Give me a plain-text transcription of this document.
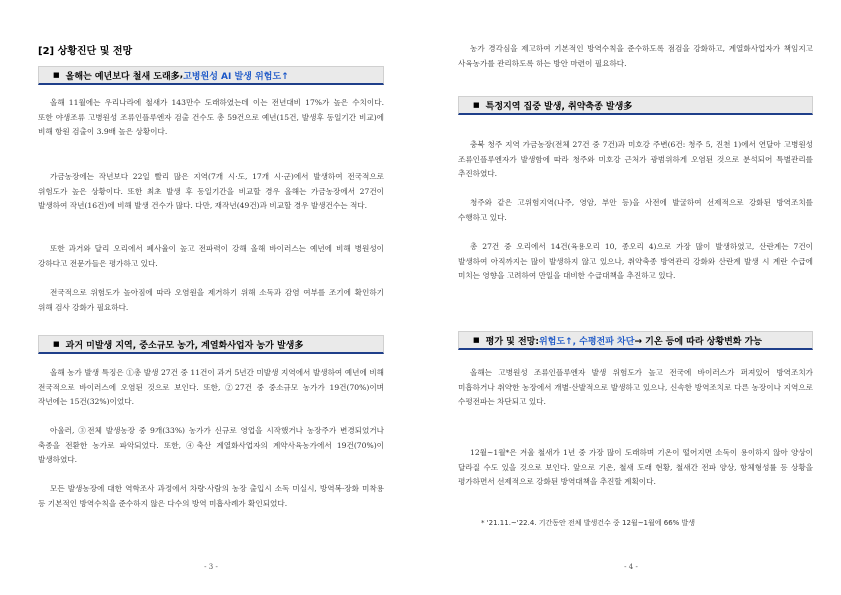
[2] 상황진단 및 전망
■ 올해는 예년보다 철새 도래 多 , 고병원성 AI 발생 위험도↑

올해 11월에는 우리나라에 철새가 143만수 도래하였는데 이는 전년대비 17%가 높은 수치이다. 또한 야생조류 고병원성 조류인플루엔자 검출 건수도 총 59건으로 예년(15건, 발생후 동일기간 비교)에 비해 항원 검출이 3.9배 높은 상황이다.

가금농장에는 작년보다 22일 빨리 많은 지역(7개 시·도, 17개 시·군)에서 발생하여 전국적으로 위험도가 높은 상황이다. 또한 최초 발생 후 동일기간을 비교할 경우 올해는 가금농장에서 27건이 발생하여 작년(16건)에 비해 발생 건수가 많다. 다만, 재작년(49건)과 비교할 경우 발생건수는 적다.

또한 과거와 달리 오리에서 폐사율이 높고 전파력이 강해 올해 바이러스는 예년에 비해 병원성이 강하다고 전문가들은 평가하고 있다.

전국적으로 위험도가 높아짐에 따라 오염원을 제거하기 위해 소독과 감염 여부를 조기에 확인하기 위해 검사 강화가 필요하다.

■ 과거 미발생 지역, 중소규모 농가, 계열화사업자 농가 발생 多

올해 농가 발생 특징은 ①총 발생 27건 중 11건이 과거 5년간 미발생 지역에서 발생하여 예년에 비해 전국적으로 바이러스에 오염된 것으로 보인다. 또한, ②27건 중 중소규모 농가가 19건(70%)이며 작년에는 15건(32%)이었다.

아울러, ③전체 발생농장 중 9개(33%) 농가가 신규로 영업을 시작했거나 농장주가 변경되었거나 축종을 전환한 농가로 파악되었다. 또한, ④축산 계열화사업자의 계약사육농가에서 19건(70%)이 발생하였다.

모든 발생농장에 대한 역학조사 과정에서 차량·사람의 농장 출입시 소독 미실시, 방역복·장화 미착용 등 기본적인 방역수칙을 준수하지 않은 다수의 방역 미흡사례가 확인되었다.

- 3 -

농가 경각심을 제고하여 기본적인 방역수칙을 준수하도록 점검을 강화하고, 계열화사업자가 책임지고 사육농가를 관리하도록 하는 방안 마련이 필요하다.

■ 특정지역 집중 발생, 취약축종 발생 多

충북 청주 지역 가금농장(전체 27건 중 7건)과 미호강 주변(6건: 청주 5, 진천 1)에서 연달아 고병원성 조류인플루엔자가 발생함에 따라 청주와 미호강 근처가 광범위하게 오염된 것으로 분석되어 특별관리를 추진하였다.

청주와 같은 고위험지역(나주, 영암, 부안 등)을 사전에 발굴하여 선제적으로 강화된 방역조치를 수행하고 있다.

총 27건 중 오리에서 14건(육용오리 10, 종오리 4)으로 가장 많이 발생하였고, 산란계는 7건이 발생하여 아직까지는 많이 발생하지 않고 있으나, 취약축종 방역관리 강화와 산란계 발생 시 계란 수급에 미치는 영향을 고려하여 만일을 대비한 수급대책을 추진하고 있다.

■ 평가 및 전망: 위험도↑, 수평전파 차단 → 기온 등에 따라 상황변화 가능

올해는 고병원성 조류인플루엔자 발생 위험도가 높고 전국에 바이러스가 퍼져있어 방역조치가 미흡하거나 취약한 농장에서 개별·산발적으로 발생하고 있으나, 신속한 방역조치로 다른 농장이나 지역으로 수평전파는 차단되고 있다.

12월~1월*은 겨울 철새가 1년 중 가장 많이 도래하며 기온이 떨어지면 소독이 용이하지 않아 양상이 달라질 수도 있을 것으로 보인다. 앞으로 기온, 철새 도래 현황, 철새간 전파 양상, 항체형성률 등 상황을 평가하면서 선제적으로 강화된 방역대책을 추진할 계획이다.

* '21.11.~'22.4. 기간동안 전체 발생건수 중 12월~1월에 66% 발생

- 4 -
